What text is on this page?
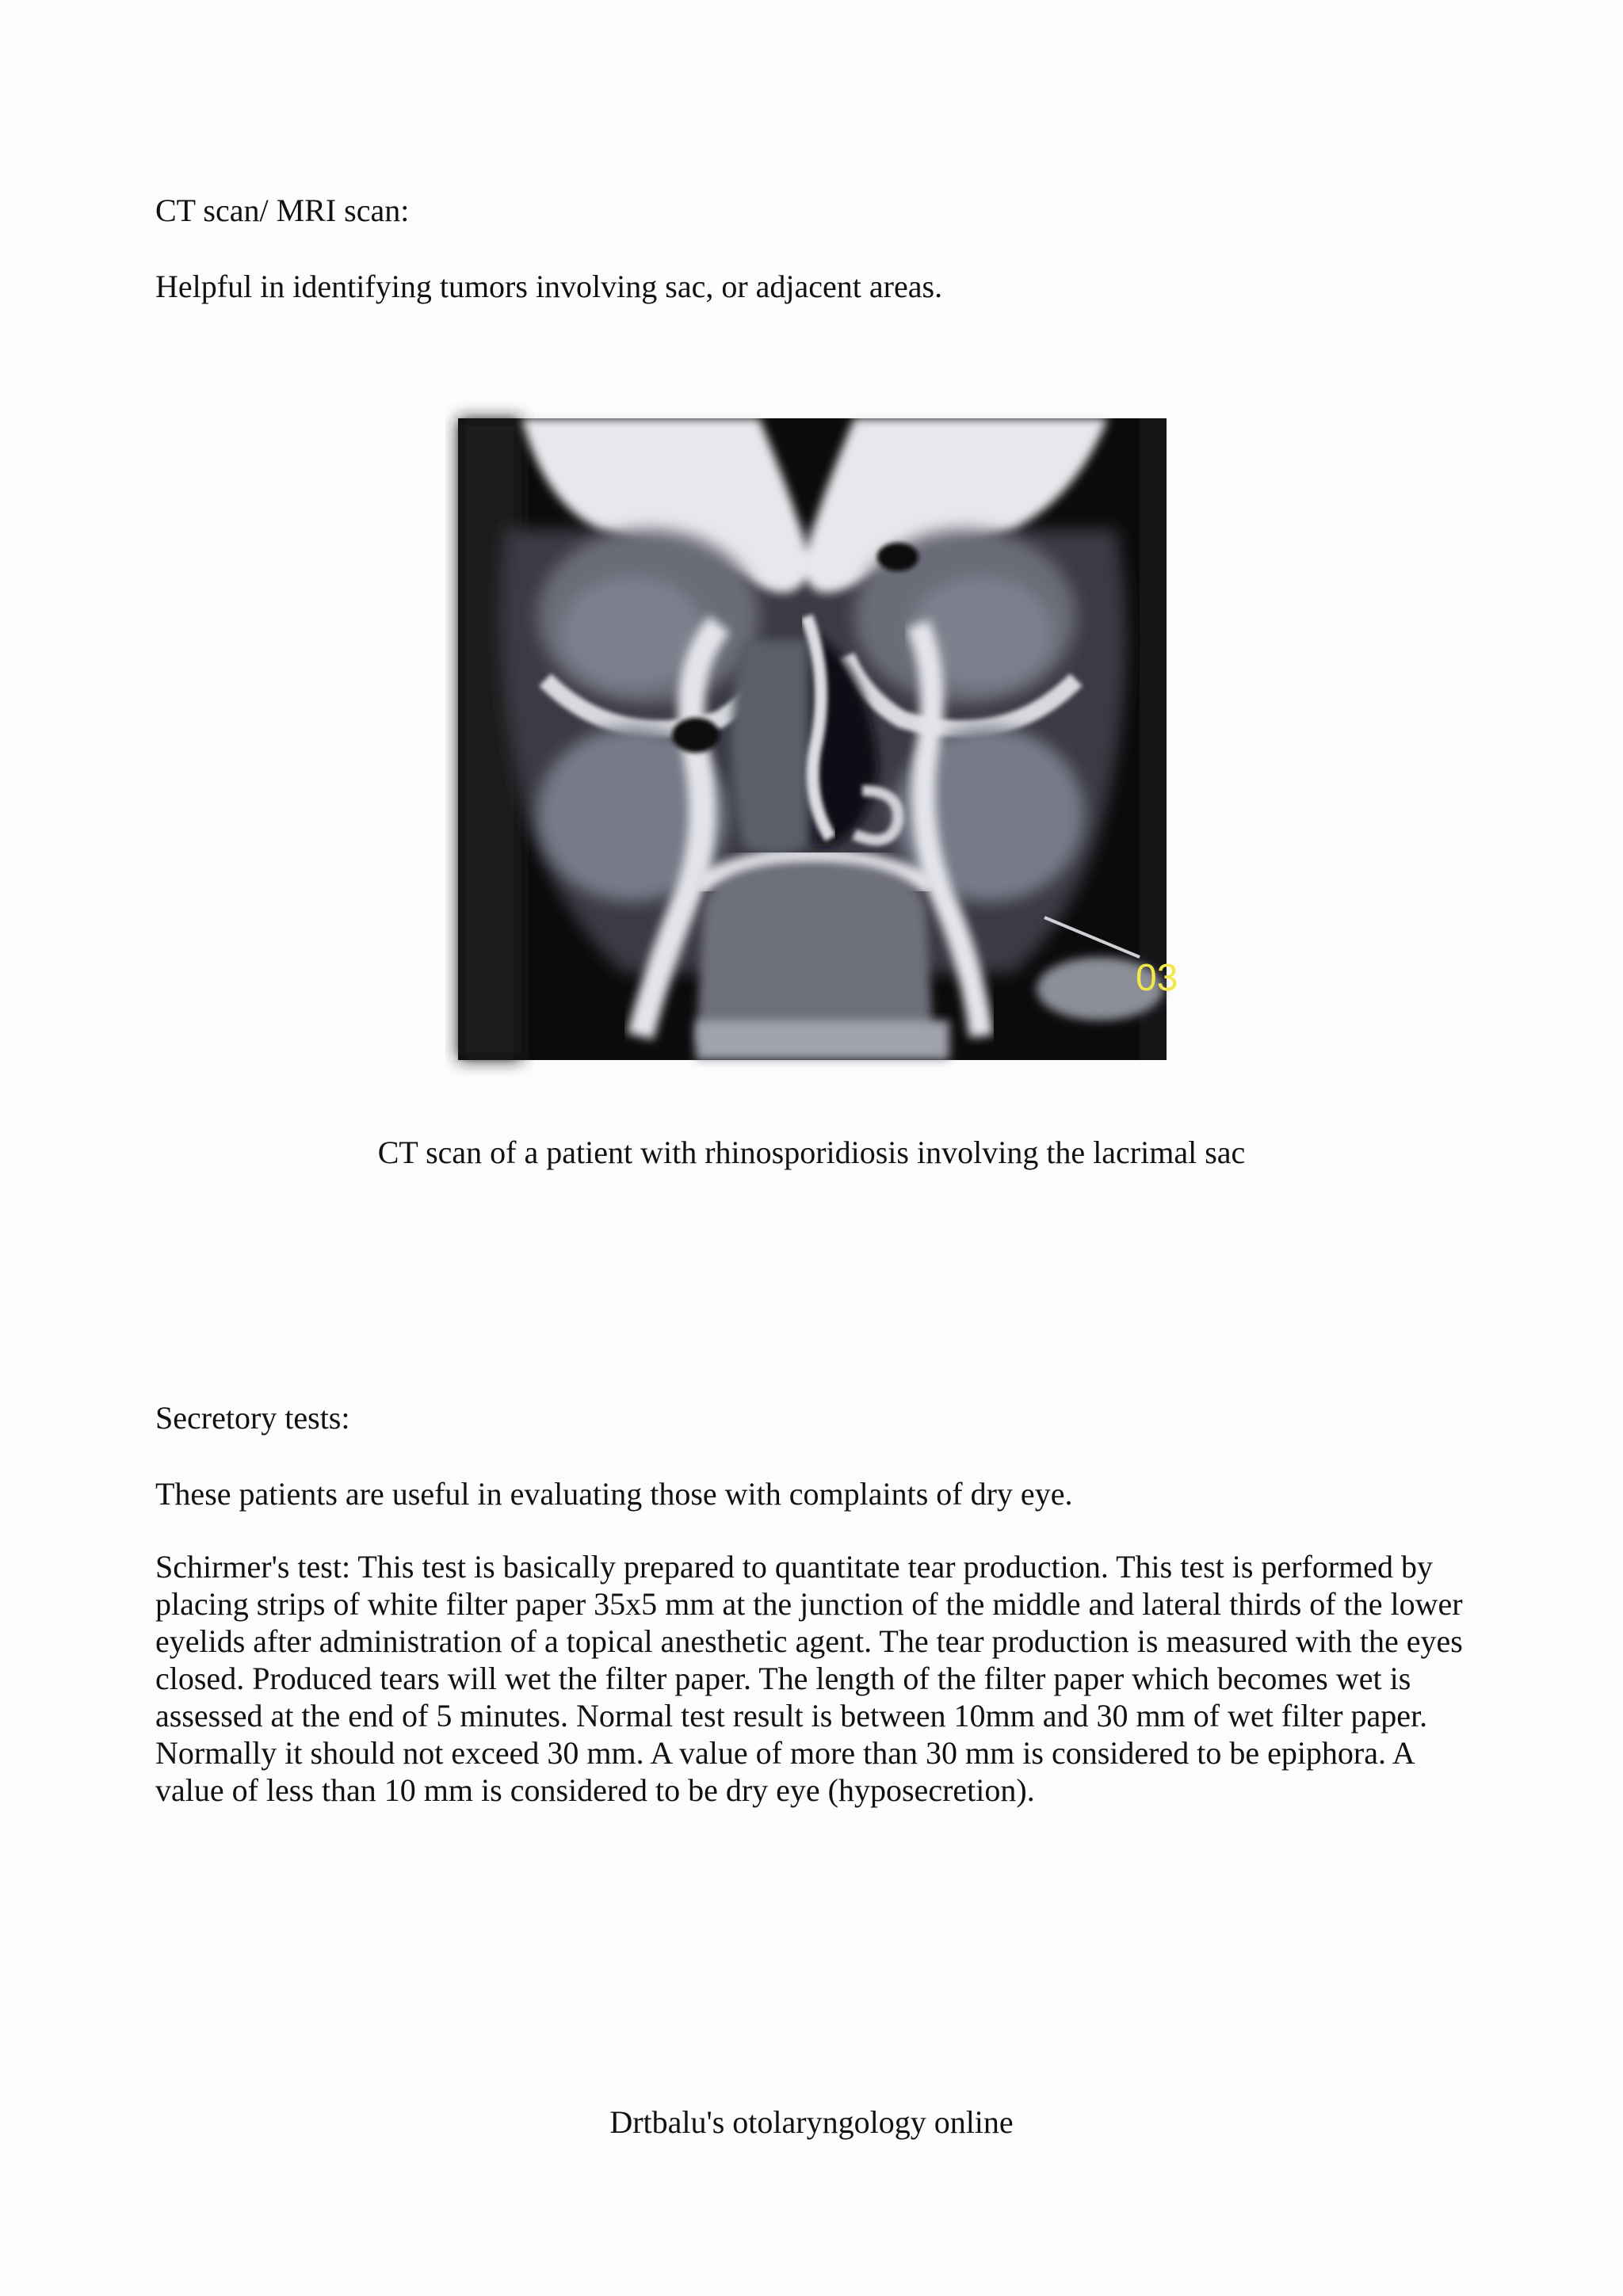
CT scan/ MRI scan:

Helpful in identifying tumors involving sac, or adjacent areas.

03

CT scan of a patient with rhinosporidiosis involving the lacrimal sac

Secretory tests:

These patients are useful in evaluating those with complaints of dry eye.

Schirmer's test: This test is basically prepared to quantitate tear production. This test is performed by placing strips of white filter paper 35x5 mm at the junction of the middle and lateral thirds of the lower eyelids after administration of a topical anesthetic agent. The tear production is measured with the eyes closed. Produced tears will wet the filter paper. The length of the filter paper which becomes wet is assessed at the end of 5 minutes. Normal test result is between 10mm and 30 mm of wet filter paper. Normally it should not exceed 30 mm. A value of more than 30 mm is considered to be epiphora. A value of less than 10 mm is considered to be dry eye (hyposecretion).

Drtbalu's otolaryngology online
